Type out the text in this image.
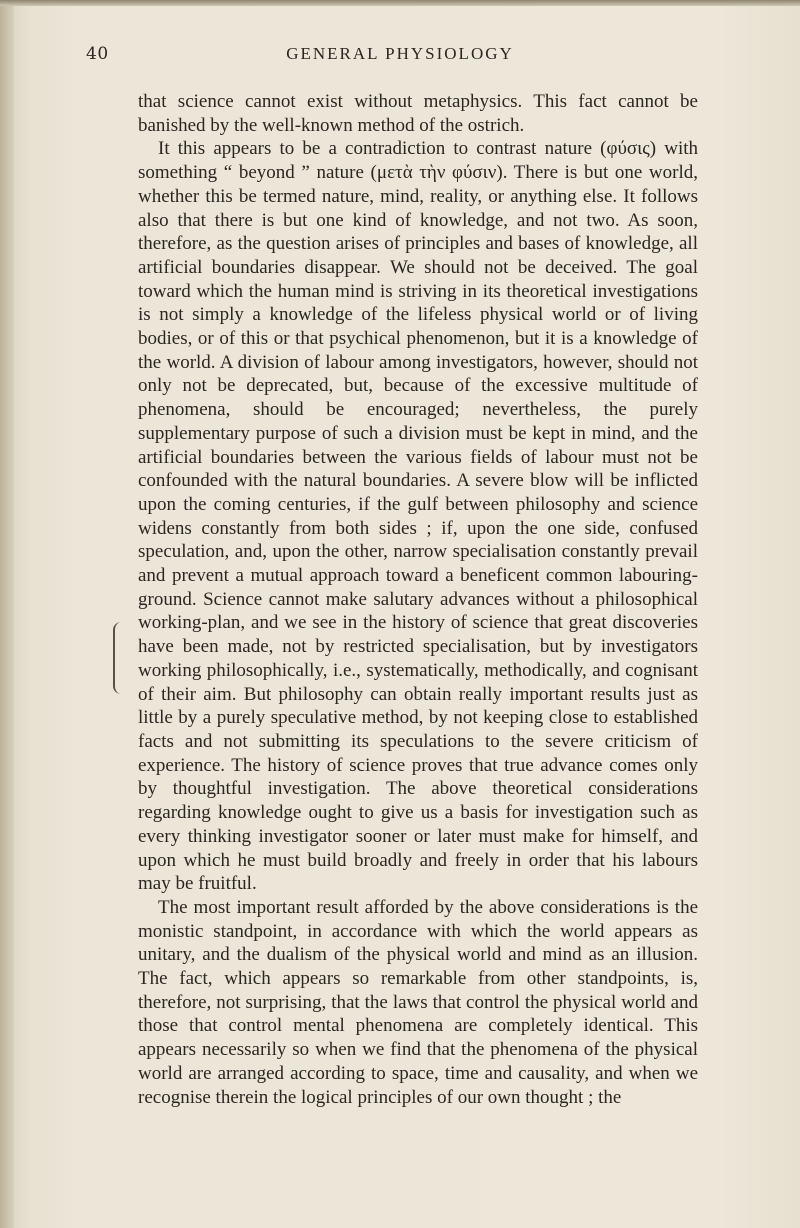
40	GENERAL PHYSIOLOGY

that science cannot exist without metaphysics. This fact cannot be banished by the well-known method of the ostrich.

It this appears to be a contradiction to contrast nature (φύσις) with something “ beyond ” nature (μετὰ τὴν φύσιν). There is but one world, whether this be termed nature, mind, reality, or anything else. It follows also that there is but one kind of knowledge, and not two. As soon, therefore, as the question arises of principles and bases of knowledge, all artificial boundaries disappear. We should not be deceived. The goal toward which the human mind is striving in its theoretical investigations is not simply a knowledge of the lifeless physical world or of living bodies, or of this or that psychical phenomenon, but it is a knowledge of the world. A division of labour among investigators, however, should not only not be deprecated, but, because of the excessive multitude of phenomena, should be encouraged; nevertheless, the purely supplementary purpose of such a division must be kept in mind, and the artificial boundaries between the various fields of labour must not be confounded with the natural boundaries. A severe blow will be inflicted upon the coming centuries, if the gulf between philosophy and science widens constantly from both sides ; if, upon the one side, confused speculation, and, upon the other, narrow specialisation constantly prevail and prevent a mutual approach toward a beneficent common labouring-ground. Science cannot make salutary advances without a philosophical working-plan, and we see in the history of science that great discoveries have been made, not by restricted specialisation, but by investigators working philosophically, i.e., systematically, methodically, and cognisant of their aim. But philosophy can obtain really important results just as little by a purely speculative method, by not keeping close to established facts and not submitting its speculations to the severe criticism of experience. The history of science proves that true advance comes only by thoughtful investigation. The above theoretical considerations regarding knowledge ought to give us a basis for investigation such as every thinking investigator sooner or later must make for himself, and upon which he must build broadly and freely in order that his labours may be fruitful.

The most important result afforded by the above considerations is the monistic standpoint, in accordance with which the world appears as unitary, and the dualism of the physical world and mind as an illusion. The fact, which appears so remarkable from other standpoints, is, therefore, not surprising, that the laws that control the physical world and those that control mental phenomena are completely identical. This appears necessarily so when we find that the phenomena of the physical world are arranged according to space, time and causality, and when we recognise therein the logical principles of our own thought ; the
